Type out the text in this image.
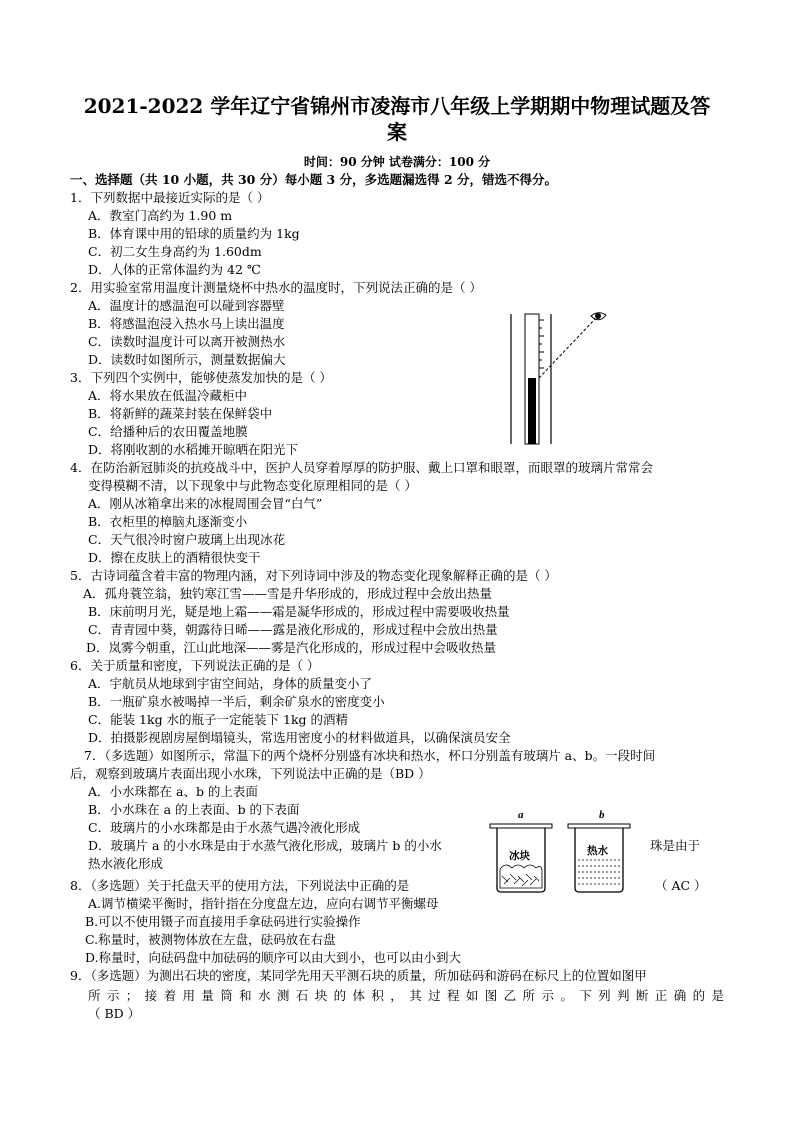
2021-2022 学年辽宁省锦州市凌海市八年级上学期期中物理试题及答
案
时间：90 分钟 试卷满分：100 分
一、选择题（共 10 小题，共 30 分）每小题 3 分，多选题漏选得 2 分，错选不得分。
1．下列数据中最接近实际的是（ ）
A．教室门高约为 1.90 m
B．体育课中用的铅球的质量约为 1kg
C．初二女生身高约为 1.60dm
D．人体的正常体温约为 42 ℃
2．用实验室常用温度计测量烧杯中热水的温度时，下列说法正确的是（ ）
A．温度计的感温泡可以碰到容器壁
B．将感温泡浸入热水马上读出温度
C．读数时温度计可以离开被测热水
D．读数时如图所示，测量数据偏大
3．下列四个实例中，能够使蒸发加快的是（ ）
A．将水果放在低温冷藏柜中
B．将新鲜的蔬菜封装在保鲜袋中
C．给播种后的农田覆盖地膜
D．将刚收割的水稻摊开晾晒在阳光下
4．在防治新冠肺炎的抗疫战斗中，医护人员穿着厚厚的防护服、戴上口罩和眼罩，而眼罩的玻璃片常常会
变得模糊不清，以下现象中与此物态变化原理相同的是（ ）
A．刚从冰箱拿出来的冰棍周围会冒“白气”
B．衣柜里的樟脑丸逐渐变小
C．天气很冷时窗户玻璃上出现冰花
D．擦在皮肤上的酒精很快变干
5．古诗词蕴含着丰富的物理内涵，对下列诗词中涉及的物态变化现象解释正确的是（ ）
A．孤舟蓑笠翁，独钓寒江雪——雪是升华形成的，形成过程中会放出热量
B．床前明月光，疑是地上霜——霜是凝华形成的，形成过程中需要吸收热量
C．青青园中葵，朝露待日晞——露是液化形成的，形成过程中会放出热量
D．岚雾今朝重，江山此地深——雾是汽化形成的，形成过程中会吸收热量
6．关于质量和密度，下列说法正确的是（ ）
A．宇航员从地球到宇宙空间站，身体的质量变小了
B．一瓶矿泉水被喝掉一半后，剩余矿泉水的密度变小
C．能装 1kg 水的瓶子一定能装下 1kg 的酒精
D．拍摄影视剧房屋倒塌镜头，常选用密度小的材料做道具，以确保演员安全
7．（多选题）如图所示，常温下的两个烧杯分别盛有冰块和热水，杯口分别盖有玻璃片 a、b。一段时间
后，观察到玻璃片表面出现小水珠，下列说法中正确的是（BD ）
A．小水珠都在 a、b 的上表面
B．小水珠在 a 的上表面、b 的下表面
C．玻璃片的小水珠都是由于水蒸气遇冷液化形成
D．玻璃片 a 的小水珠是由于水蒸气液化形成，玻璃片 b 的小水	珠是由于
热水液化形成
a	b
冰块	热水
8．（多选题）关于托盘天平的使用方法，下列说法中正确的是	（ AC ）
A.调节横梁平衡时，指针指在分度盘左边，应向右调节平衡螺母
B.可以不使用镊子而直接用手拿砝码进行实验操作
C.称量时，被测物体放在左盘，砝码放在右盘
D.称量时，向砝码盘中加砝码的顺序可以由大到小，也可以由小到大
9．（多选题）为测出石块的密度，某同学先用天平测石块的质量，所加砝码和游码在标尺上的位置如图甲
所示；接着用量筒和水测石块的体积，其过程如图乙所示。下列判断正确的是
（ BD ）
